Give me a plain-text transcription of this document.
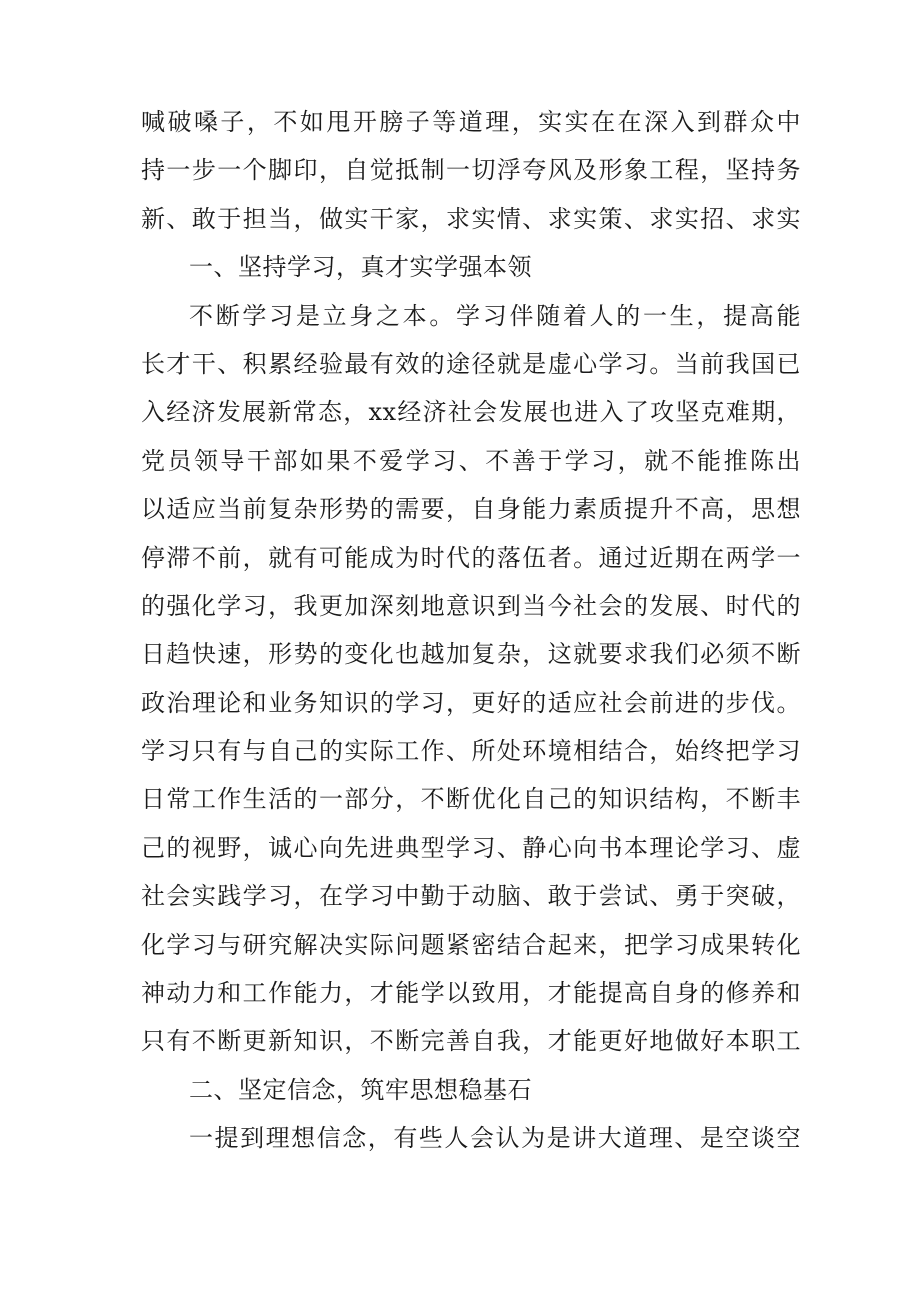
喊破嗓子，不如甩开膀子等道理，实实在在深入到群众中
持一步一个脚印，自觉抵制一切浮夸风及形象工程，坚持务
新、敢于担当，做实干家，求实情、求实策、求实招、求实
一、坚持学习，真才实学强本领
不断学习是立身之本。学习伴随着人的一生，提高能
长才干、积累经验最有效的途径就是虚心学习。当前我国已
入经济发展新常态，xx经济社会发展也进入了攻坚克难期，
党员领导干部如果不爱学习、不善于学习，就不能推陈出
以适应当前复杂形势的需要，自身能力素质提升不高，思想
停滞不前，就有可能成为时代的落伍者。通过近期在两学一
的强化学习，我更加深刻地意识到当今社会的发展、时代的
日趋快速，形势的变化也越加复杂，这就要求我们必须不断
政治理论和业务知识的学习，更好的适应社会前进的步伐。
学习只有与自己的实际工作、所处环境相结合，始终把学习
日常工作生活的一部分，不断优化自己的知识结构，不断丰
己的视野，诚心向先进典型学习、静心向书本理论学习、虚
社会实践学习，在学习中勤于动脑、敢于尝试、勇于突破，
化学习与研究解决实际问题紧密结合起来，把学习成果转化
神动力和工作能力，才能学以致用，才能提高自身的修养和
只有不断更新知识，不断完善自我，才能更好地做好本职工
二、坚定信念，筑牢思想稳基石
一提到理想信念，有些人会认为是讲大道理、是空谈空
